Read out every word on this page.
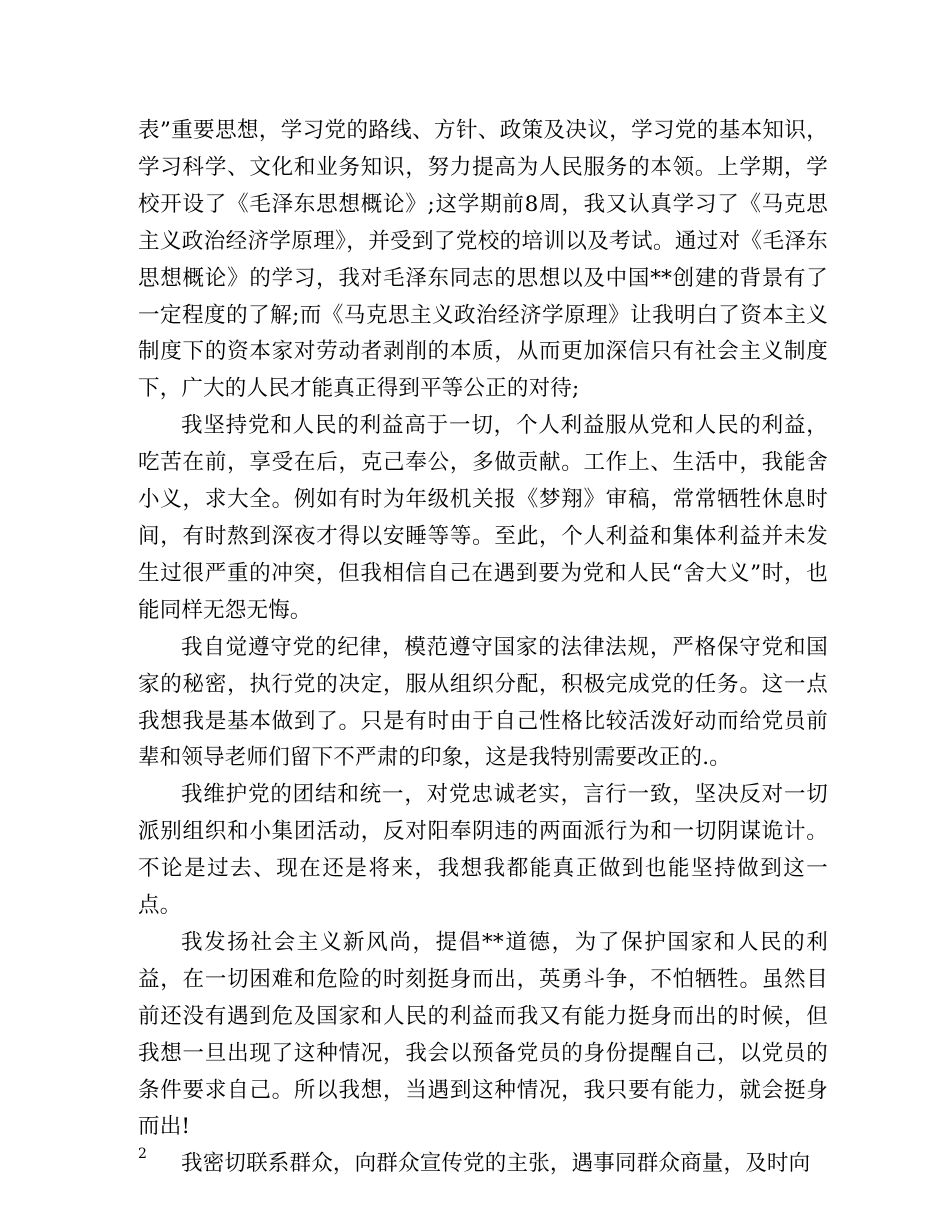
表”重要思想，学习党的路线、方针、政策及决议，学习党的基本知识，学习科学、文化和业务知识，努力提高为人民服务的本领。上学期，学校开设了《毛泽东思想概论》;这学期前8周，我又认真学习了《马克思主义政治经济学原理》，并受到了党校的培训以及考试。通过对《毛泽东思想概论》的学习，我对毛泽东同志的思想以及中国**创建的背景有了一定程度的了解;而《马克思主义政治经济学原理》让我明白了资本主义制度下的资本家对劳动者剥削的本质，从而更加深信只有社会主义制度下，广大的人民才能真正得到平等公正的对待;

我坚持党和人民的利益高于一切，个人利益服从党和人民的利益，吃苦在前，享受在后，克己奉公，多做贡献。工作上、生活中，我能舍小义，求大全。例如有时为年级机关报《梦翔》审稿，常常牺牲休息时间，有时熬到深夜才得以安睡等等。至此，个人利益和集体利益并未发生过很严重的冲突，但我相信自己在遇到要为党和人民“舍大义”时，也能同样无怨无悔。

我自觉遵守党的纪律，模范遵守国家的法律法规，严格保守党和国家的秘密，执行党的决定，服从组织分配，积极完成党的任务。这一点我想我是基本做到了。只是有时由于自己性格比较活泼好动而给党员前辈和领导老师们留下不严肃的印象，这是我特别需要改正的.。

我维护党的团结和统一，对党忠诚老实，言行一致，坚决反对一切派别组织和小集团活动，反对阳奉阴违的两面派行为和一切阴谋诡计。不论是过去、现在还是将来，我想我都能真正做到也能坚持做到这一点。

我发扬社会主义新风尚，提倡**道德，为了保护国家和人民的利益，在一切困难和危险的时刻挺身而出，英勇斗争，不怕牺牲。虽然目前还没有遇到危及国家和人民的利益而我又有能力挺身而出的时候，但我想一旦出现了这种情况，我会以预备党员的身份提醒自己，以党员的条件要求自己。所以我想，当遇到这种情况，我只要有能力，就会挺身而出!

我密切联系群众，向群众宣传党的主张，遇事同群众商量，及时向

2
